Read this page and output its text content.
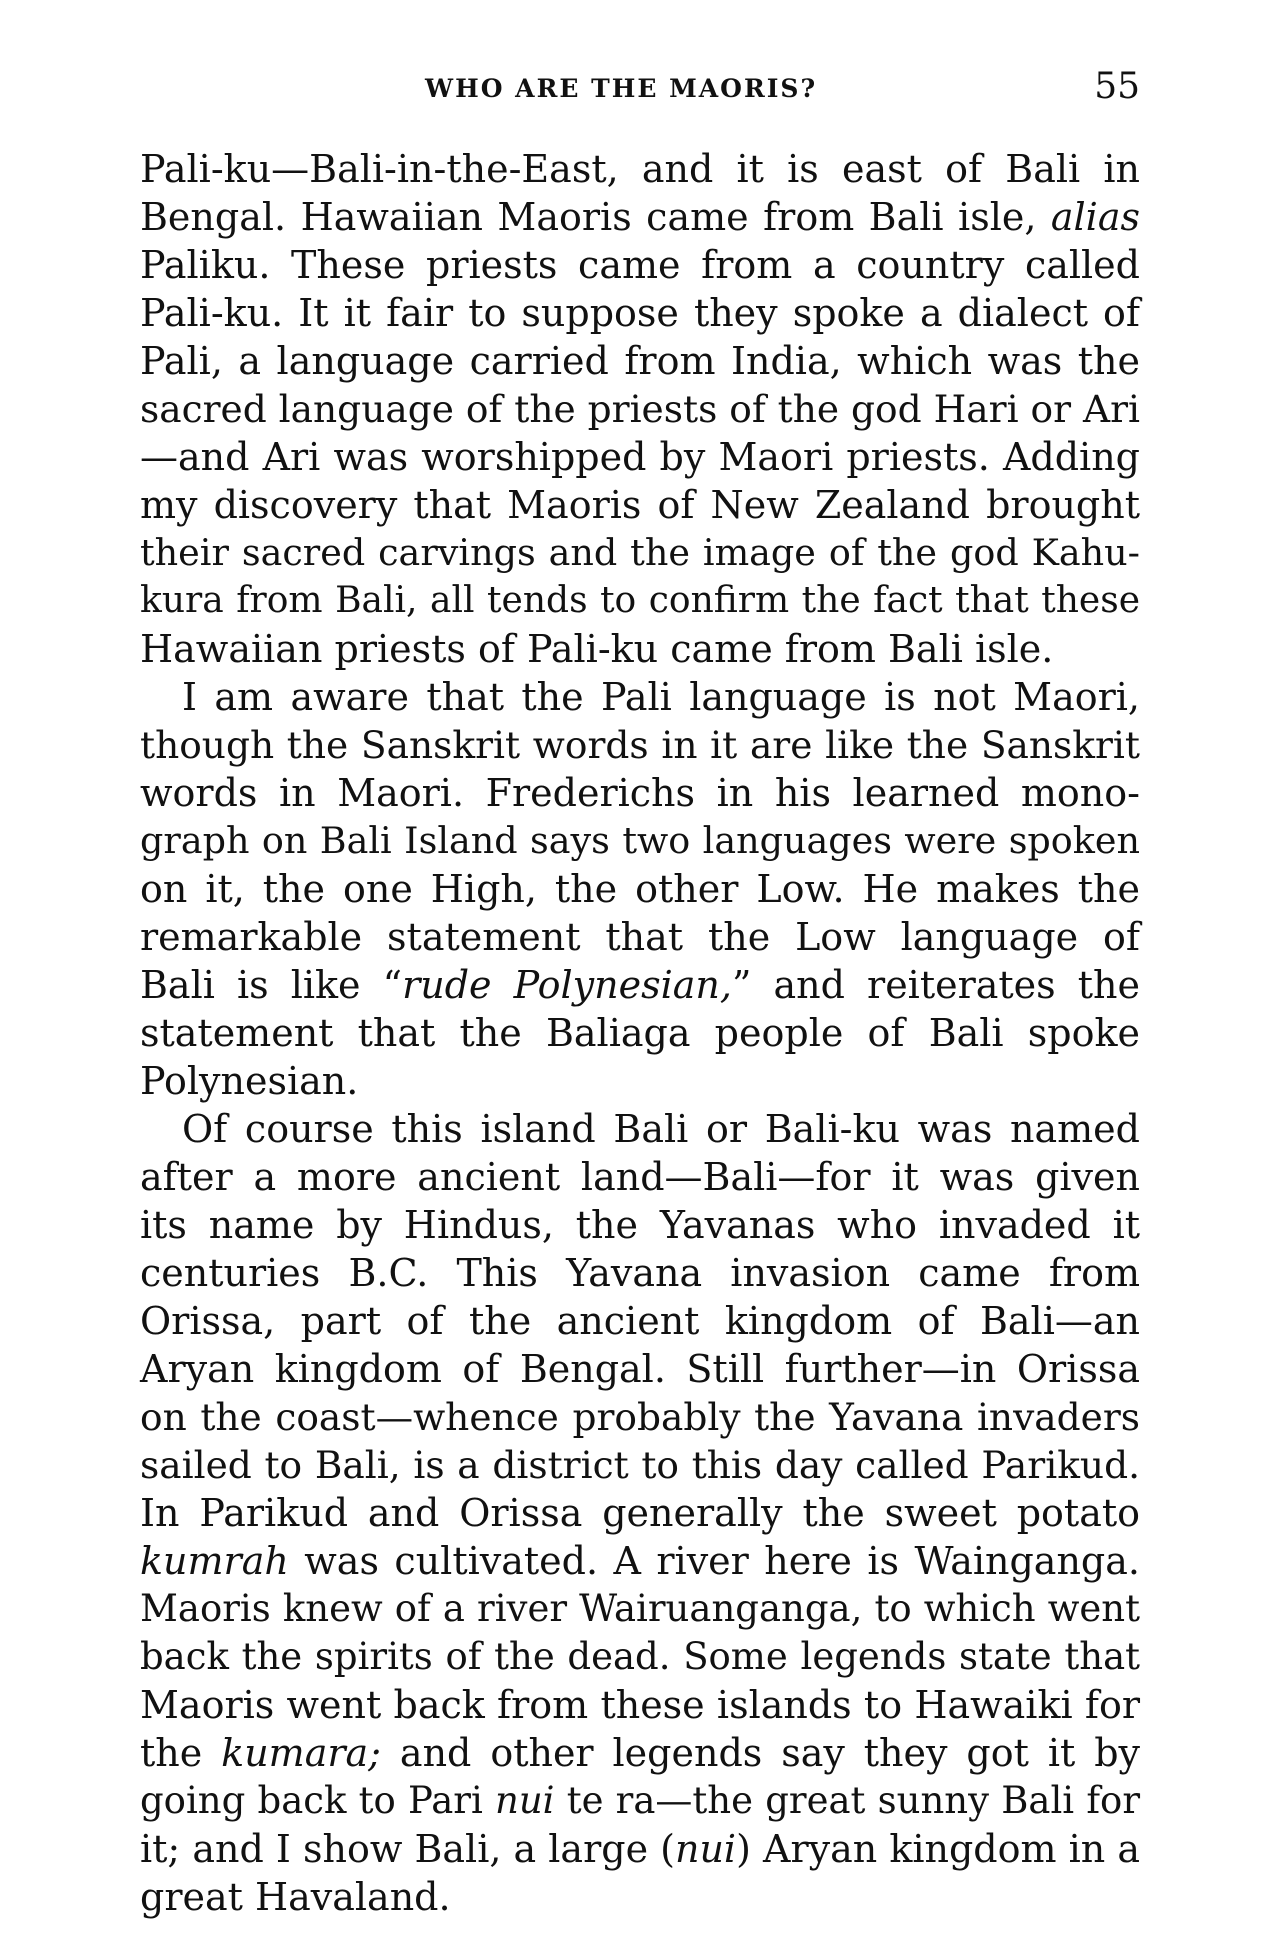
WHO ARE THE MAORIS?	55
Pali-ku—Bali-in-the-East, and it is east of Bali in
Bengal. Hawaiian Maoris came from Bali isle, alias
Paliku. These priests came from a country called
Pali-ku. It it fair to suppose they spoke a dialect of
Pali, a language carried from India, which was the
sacred language of the priests of the god Hari or Ari
—and Ari was worshipped by Maori priests. Adding
my discovery that Maoris of New Zealand brought
their sacred carvings and the image of the god Kahu-
kura from Bali, all tends to confirm the fact that these
Hawaiian priests of Pali-ku came from Bali isle.
I am aware that the Pali language is not Maori,
though the Sanskrit words in it are like the Sanskrit
words in Maori. Frederichs in his learned mono-
graph on Bali Island says two languages were spoken
on it, the one High, the other Low. He makes the
remarkable statement that the Low language of
Bali is like “rude Polynesian,” and reiterates the
statement that the Baliaga people of Bali spoke
Polynesian.
Of course this island Bali or Bali-ku was named
after a more ancient land—Bali—for it was given
its name by Hindus, the Yavanas who invaded it
centuries B.C. This Yavana invasion came from
Orissa, part of the ancient kingdom of Bali—an
Aryan kingdom of Bengal. Still further—in Orissa
on the coast—whence probably the Yavana invaders
sailed to Bali, is a district to this day called Parikud.
In Parikud and Orissa generally the sweet potato
kumrah was cultivated. A river here is Wainganga.
Maoris knew of a river Wairuanganga, to which went
back the spirits of the dead. Some legends state that
Maoris went back from these islands to Hawaiki for
the kumara; and other legends say they got it by
going back to Pari nui te ra—the great sunny Bali for
it; and I show Bali, a large (nui) Aryan kingdom in a
great Havaland.
